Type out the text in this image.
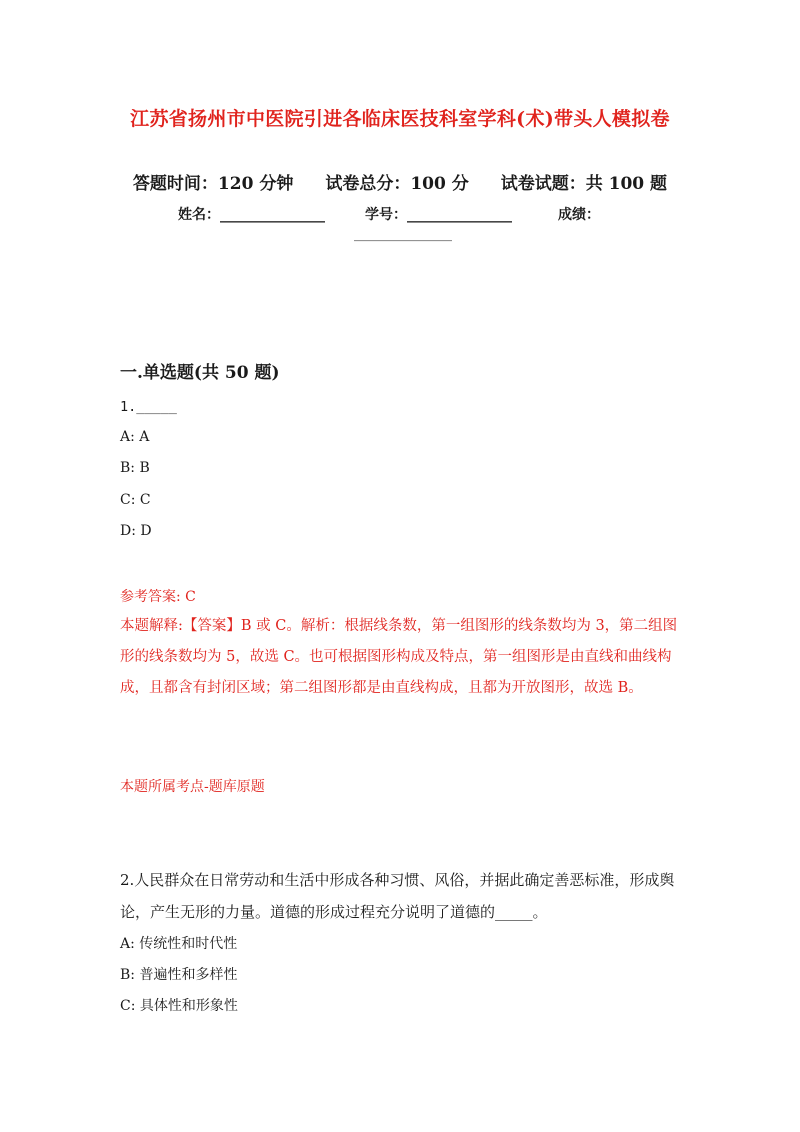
江苏省扬州市中医院引进各临床医技科室学科(术)带头人模拟卷
答题时间：120 分钟 试卷总分：100 分 试卷试题：共 100 题
姓名：_______________	学号：_______________	成绩：
______________
一.单选题(共 50 题)
1._____
A: A
B: B
C: C
D: D
参考答案: C
本题解释:【答案】B 或 C。解析：根据线条数，第一组图形的线条数均为 3，第二组图形的线条数均为 5，故选 C。也可根据图形构成及特点，第一组图形是由直线和曲线构成，且都含有封闭区域；第二组图形都是由直线构成，且都为开放图形，故选 B。
本题所属考点-题库原题
2.人民群众在日常劳动和生活中形成各种习惯、风俗，并据此确定善恶标准，形成舆论，产生无形的力量。道德的形成过程充分说明了道德的_____。
A: 传统性和时代性
B: 普遍性和多样性
C: 具体性和形象性
